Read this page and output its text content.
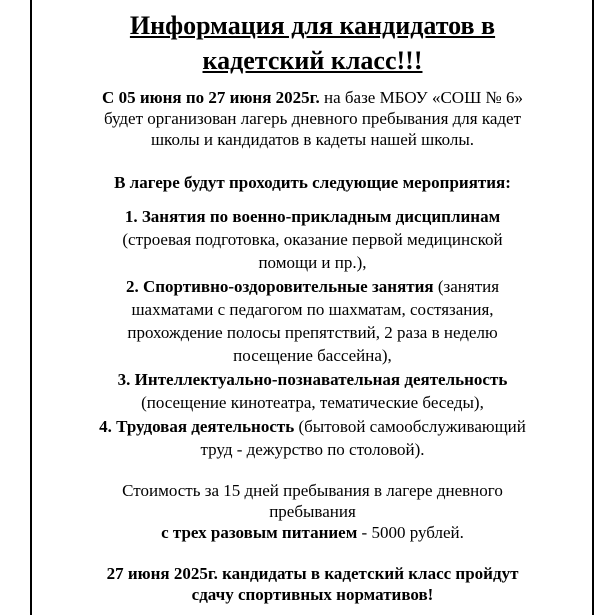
Информация для кандидатов в

кадетский класс!!!

С 05 июня по 27 июня 2025г. на базе МБОУ «СОШ № 6»

будет организован лагерь дневного пребывания для кадет

школы и кандидатов в кадеты нашей школы.

В лагере будут проходить следующие мероприятия:

1. Занятия по военно-прикладным дисциплинам

(строевая подготовка, оказание первой медицинской

помощи и пр.),

2. Спортивно-оздоровительные занятия (занятия

шахматами с педагогом по шахматам, состязания,

прохождение полосы препятствий, 2 раза в неделю

посещение бассейна),

3. Интеллектуально-познавательная деятельность

(посещение кинотеатра, тематические беседы),

4. Трудовая деятельность (бытовой самообслуживающий

труд - дежурство по столовой).

Стоимость за 15 дней пребывания в лагере дневного

пребывания

с трех разовым питанием - 5000 рублей.

27 июня 2025г. кандидаты в кадетский класс пройдут

сдачу спортивных нормативов!
